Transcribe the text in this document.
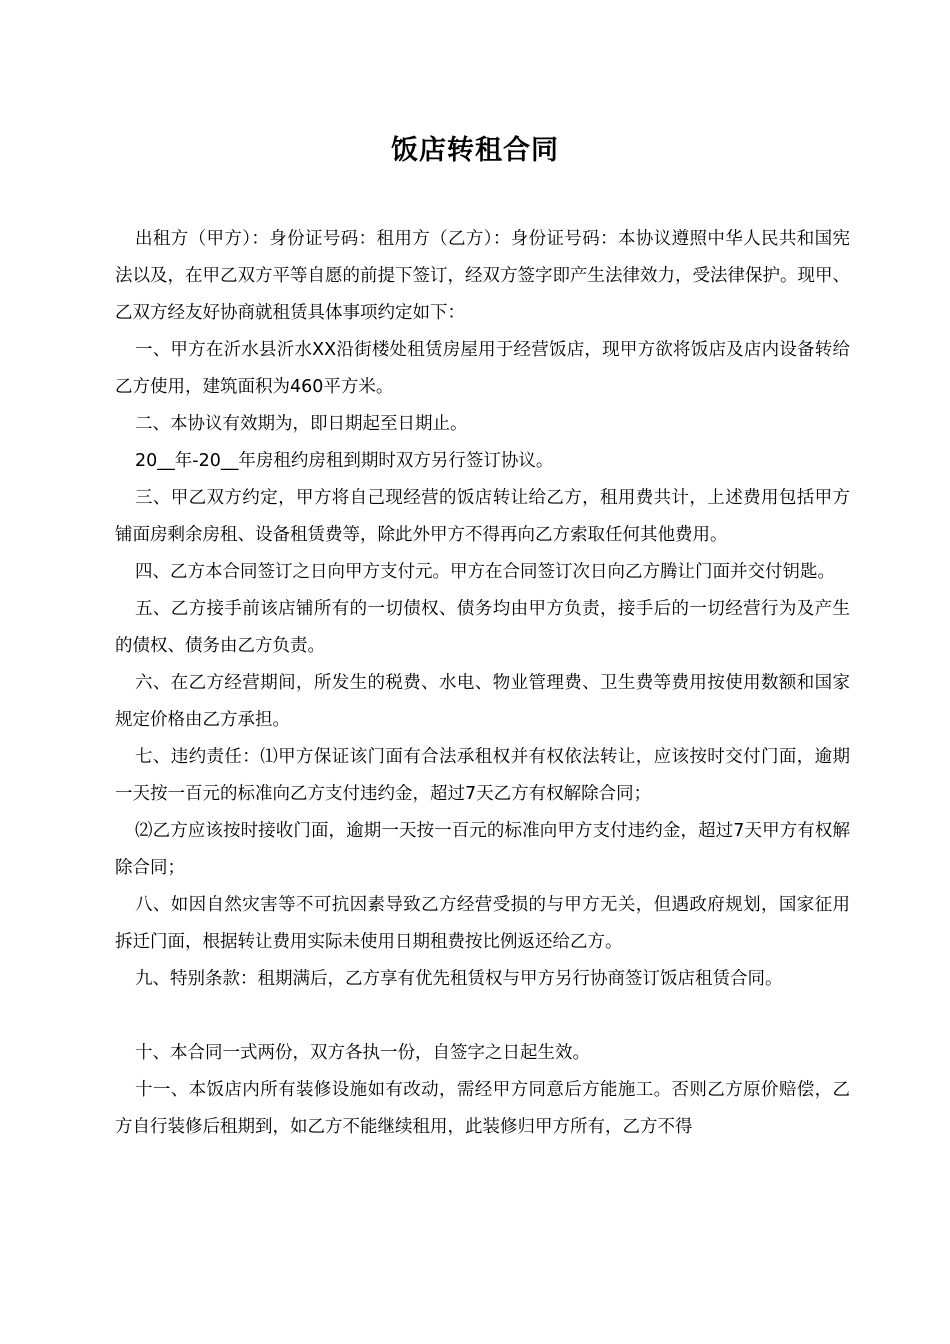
饭店转租合同

出租方（甲方）：身份证号码：租用方（乙方）：身份证号码：本协议遵照中华人民共和国宪法以及，在甲乙双方平等自愿的前提下签订，经双方签字即产生法律效力，受法律保护。现甲、乙双方经友好协商就租赁具体事项约定如下：

一、甲方在沂水县沂水XX沿街楼处租赁房屋用于经营饭店，现甲方欲将饭店及店内设备转给乙方使用，建筑面积为460平方米。

二、本协议有效期为，即日期起至日期止。

20__年-20__年房租约房租到期时双方另行签订协议。

三、甲乙双方约定，甲方将自己现经营的饭店转让给乙方，租用费共计，上述费用包括甲方铺面房剩余房租、设备租赁费等，除此外甲方不得再向乙方索取任何其他费用。

四、乙方本合同签订之日向甲方支付元。甲方在合同签订次日向乙方腾让门面并交付钥匙。

五、乙方接手前该店铺所有的一切债权、债务均由甲方负责，接手后的一切经营行为及产生的债权、债务由乙方负责。

六、在乙方经营期间，所发生的税费、水电、物业管理费、卫生费等费用按使用数额和国家规定价格由乙方承担。

七、违约责任：⑴甲方保证该门面有合法承租权并有权依法转让，应该按时交付门面，逾期一天按一百元的标准向乙方支付违约金，超过7天乙方有权解除合同；

⑵乙方应该按时接收门面，逾期一天按一百元的标准向甲方支付违约金，超过7天甲方有权解除合同；

八、如因自然灾害等不可抗因素导致乙方经营受损的与甲方无关，但遇政府规划，国家征用拆迁门面，根据转让费用实际未使用日期租费按比例返还给乙方。

九、特别条款：租期满后，乙方享有优先租赁权与甲方另行协商签订饭店租赁合同。

十、本合同一式两份，双方各执一份，自签字之日起生效。

十一、本饭店内所有装修设施如有改动，需经甲方同意后方能施工。否则乙方原价赔偿，乙方自行装修后租期到，如乙方不能继续租用，此装修归甲方所有，乙方不得
